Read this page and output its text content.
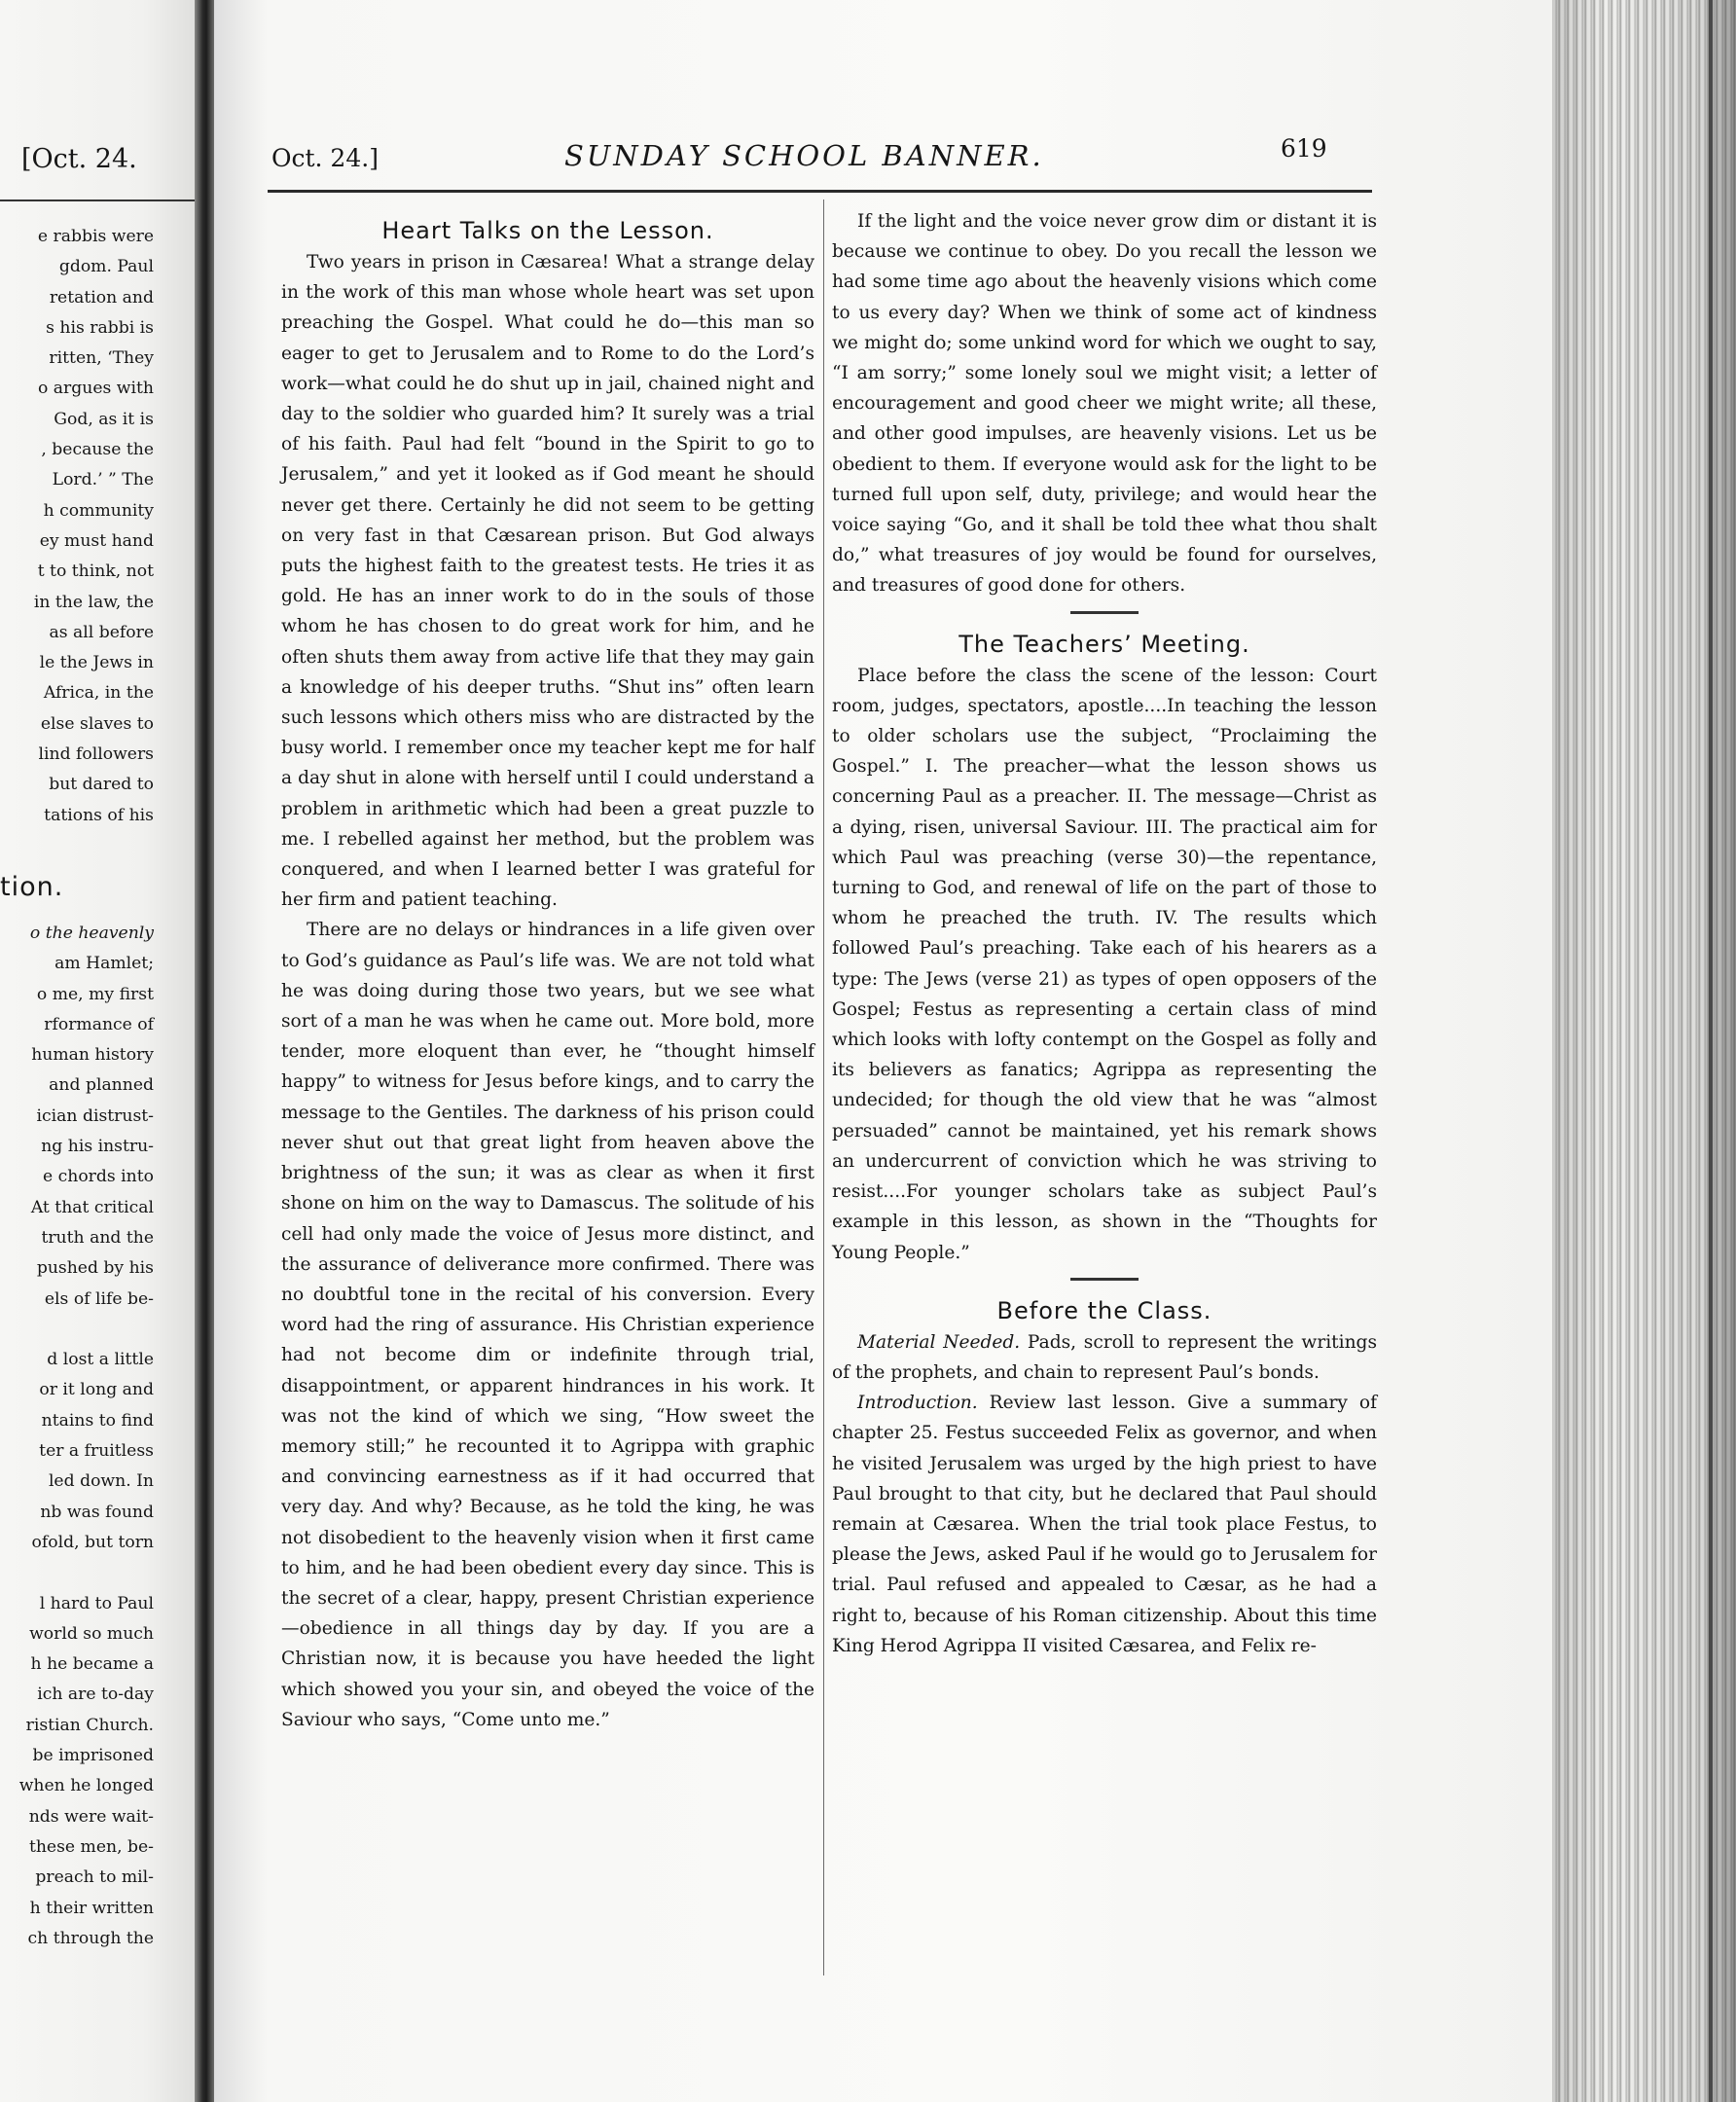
[Oct. 24.
e rabbis were
gdom. Paul
retation and
s his rabbi is
ritten, ‘They
o argues with
God, as it is
, because the
Lord.’ ” The
h community
ey must hand
t to think, not
in the law, the
as all before
le the Jews in
Africa, in the
else slaves to
lind followers
but dared to
tations of his
tion.
o the heavenly
am Hamlet;
o me, my first
rformance of
human history
and planned
ician distrust-
ng his instru-
e chords into
At that critical
truth and the
pushed by his
els of life be-
d lost a little
or it long and
ntains to find
ter a fruitless
led down. In
nb was found
ofold, but torn
l hard to Paul
world so much
h he became a
ich are to-day
ristian Church.
be imprisoned
when he longed
nds were wait-
these men, be-
preach to mil-
h their written
ch through the
Oct. 24.]	SUNDAY SCHOOL BANNER.	619
Heart Talks on the Lesson.

Two years in prison in Cæsarea! What a strange delay in the work of this man whose whole heart was set upon preaching the Gospel. What could he do—this man so eager to get to Jerusalem and to Rome to do the Lord’s work—what could he do shut up in jail, chained night and day to the soldier who guarded him? It surely was a trial of his faith. Paul had felt “bound in the Spirit to go to Jerusalem,” and yet it looked as if God meant he should never get there. Certainly he did not seem to be getting on very fast in that Cæsarean prison. But God always puts the highest faith to the greatest tests. He tries it as gold. He has an inner work to do in the souls of those whom he has chosen to do great work for him, and he often shuts them away from active life that they may gain a knowledge of his deeper truths. “Shut ins” often learn such lessons which others miss who are distracted by the busy world. I remember once my teacher kept me for half a day shut in alone with herself until I could understand a problem in arithmetic which had been a great puzzle to me. I rebelled against her method, but the problem was conquered, and when I learned better I was grateful for her firm and patient teaching.

There are no delays or hindrances in a life given over to God’s guidance as Paul’s life was. We are not told what he was doing during those two years, but we see what sort of a man he was when he came out. More bold, more tender, more eloquent than ever, he “thought himself happy” to witness for Jesus before kings, and to carry the message to the Gentiles. The darkness of his prison could never shut out that great light from heaven above the brightness of the sun; it was as clear as when it first shone on him on the way to Damascus. The solitude of his cell had only made the voice of Jesus more distinct, and the assurance of deliverance more confirmed. There was no doubtful tone in the recital of his conversion. Every word had the ring of assurance. His Christian experience had not become dim or indefinite through trial, disappointment, or apparent hindrances in his work. It was not the kind of which we sing, “How sweet the memory still;” he recounted it to Agrippa with graphic and convincing earnestness as if it had occurred that very day. And why? Because, as he told the king, he was not disobedient to the heavenly vision when it first came to him, and he had been obedient every day since. This is the secret of a clear, happy, present Christian experience—obedience in all things day by day. If you are a Christian now, it is because you have heeded the light which showed you your sin, and obeyed the voice of the Saviour who says, “Come unto me.”

If the light and the voice never grow dim or distant it is because we continue to obey. Do you recall the lesson we had some time ago about the heavenly visions which come to us every day? When we think of some act of kindness we might do; some unkind word for which we ought to say, “I am sorry;” some lonely soul we might visit; a letter of encouragement and good cheer we might write; all these, and other good impulses, are heavenly visions. Let us be obedient to them. If everyone would ask for the light to be turned full upon self, duty, privilege; and would hear the voice saying “Go, and it shall be told thee what thou shalt do,” what treasures of joy would be found for ourselves, and treasures of good done for others.

The Teachers’ Meeting.

Place before the class the scene of the lesson: Court room, judges, spectators, apostle....In teaching the lesson to older scholars use the subject, “Proclaiming the Gospel.” I. The preacher—what the lesson shows us concerning Paul as a preacher. II. The message—Christ as a dying, risen, universal Saviour. III. The practical aim for which Paul was preaching (verse 30)—the repentance, turning to God, and renewal of life on the part of those to whom he preached the truth. IV. The results which followed Paul’s preaching. Take each of his hearers as a type: The Jews (verse 21) as types of open opposers of the Gospel; Festus as representing a certain class of mind which looks with lofty contempt on the Gospel as folly and its believers as fanatics; Agrippa as representing the undecided; for though the old view that he was “almost persuaded” cannot be maintained, yet his remark shows an undercurrent of conviction which he was striving to resist....For younger scholars take as subject Paul’s example in this lesson, as shown in the “Thoughts for Young People.”

Before the Class.

Material Needed. Pads, scroll to represent the writings of the prophets, and chain to represent Paul’s bonds.

Introduction. Review last lesson. Give a summary of chapter 25. Festus succeeded Felix as governor, and when he visited Jerusalem was urged by the high priest to have Paul brought to that city, but he declared that Paul should remain at Cæsarea. When the trial took place Festus, to please the Jews, asked Paul if he would go to Jerusalem for trial. Paul refused and appealed to Cæsar, as he had a right to, because of his Roman citizenship. About this time King Herod Agrippa II visited Cæsarea, and Felix re-
